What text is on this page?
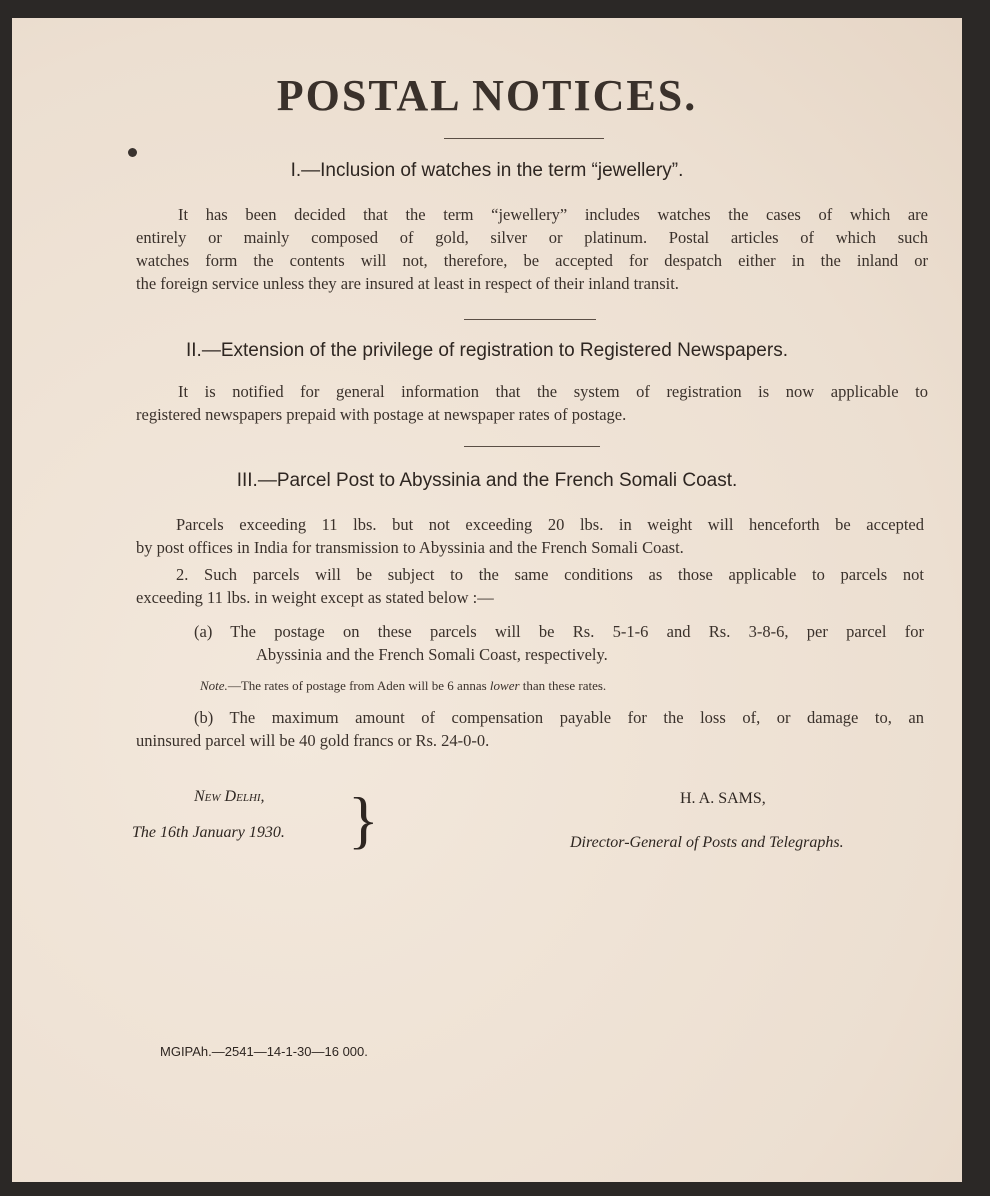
POSTAL NOTICES.
I.—Inclusion of watches in the term “jewellery”.
It has been decided that the term “jewellery” includes watches the cases of which are
entirely or mainly composed of gold, silver or platinum. Postal articles of which such
watches form the contents will not, therefore, be accepted for despatch either in the inland or
the foreign service unless they are insured at least in respect of their inland transit.
II.—Extension of the privilege of registration to Registered Newspapers.
It is notified for general information that the system of registration is now applicable to
registered newspapers prepaid with postage at newspaper rates of postage.
III.—Parcel Post to Abyssinia and the French Somali Coast.
Parcels exceeding 11 lbs. but not exceeding 20 lbs. in weight will henceforth be accepted
by post offices in India for transmission to Abyssinia and the French Somali Coast.
2. Such parcels will be subject to the same conditions as those applicable to parcels not
exceeding 11 lbs. in weight except as stated below :—
(a) The postage on these parcels will be Rs. 5-1-6 and Rs. 3-8-6, per parcel for
Abyssinia and the French Somali Coast, respectively.
Note.—The rates of postage from Aden will be 6 annas lower than these rates.
(b) The maximum amount of compensation payable for the loss of, or damage to, an
uninsured parcel will be 40 gold francs or Rs. 24-0-0.
New Delhi,
The 16th January 1930. }	H. A. SAMS,
Director-General of Posts and Telegraphs.
MGIPAh.—2541—14-1-30—16 000.
